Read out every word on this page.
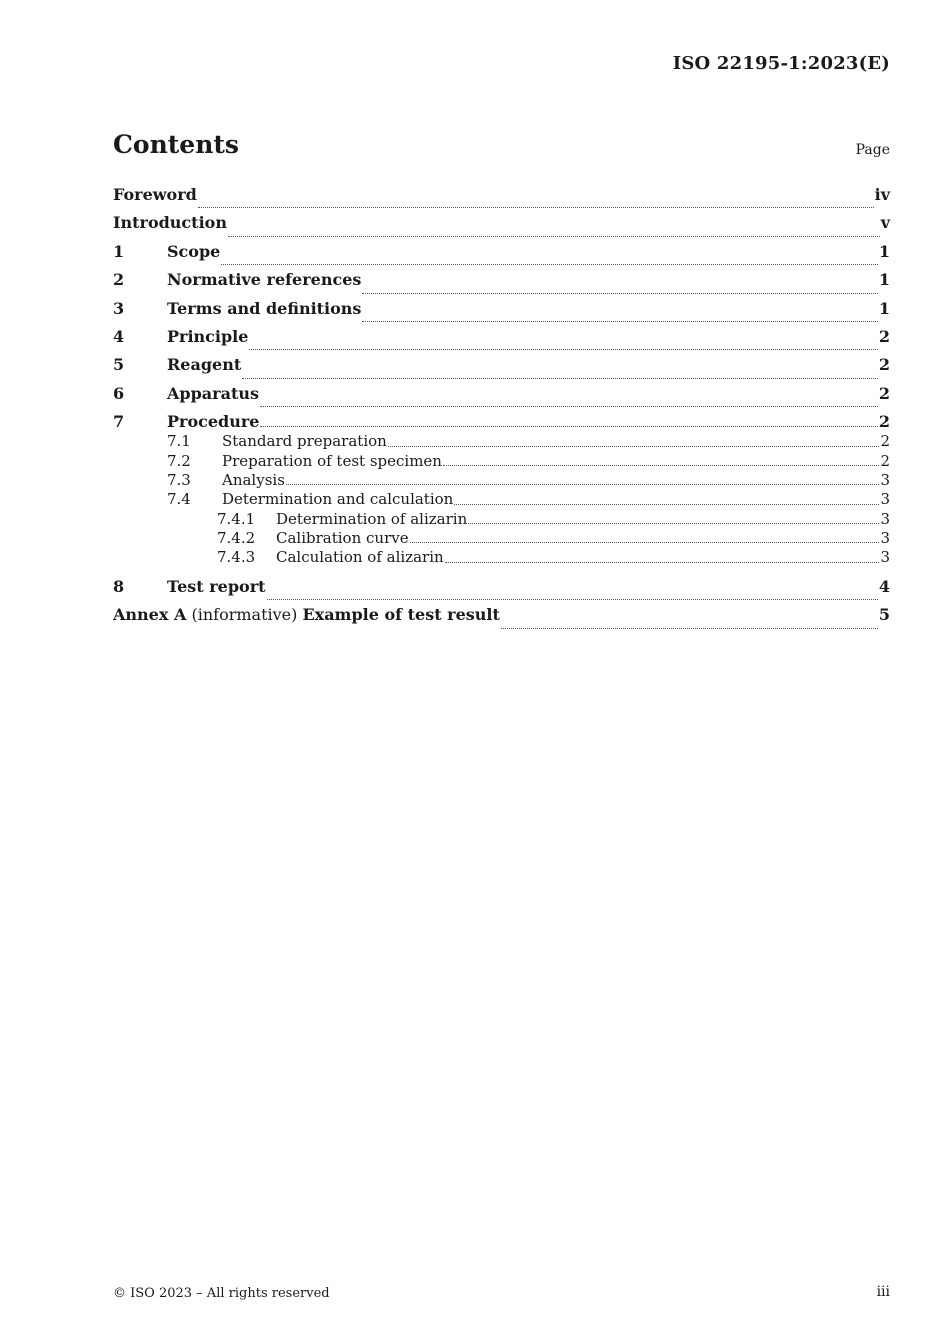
ISO 22195-1:2023(E)
Contents	Page
Foreword	iv
Introduction	v
1	Scope	1
2	Normative references	1
3	Terms and definitions	1
4	Principle	2
5	Reagent	2
6	Apparatus	2
7	Procedure	2
7.1	Standard preparation	2
7.2	Preparation of test specimen	2
7.3	Analysis	3
7.4	Determination and calculation	3
7.4.1	Determination of alizarin	3
7.4.2	Calibration curve	3
7.4.3	Calculation of alizarin	3
8	Test report	4
Annex A (informative) Example of test result	5
© ISO 2023 – All rights reserved	iii
